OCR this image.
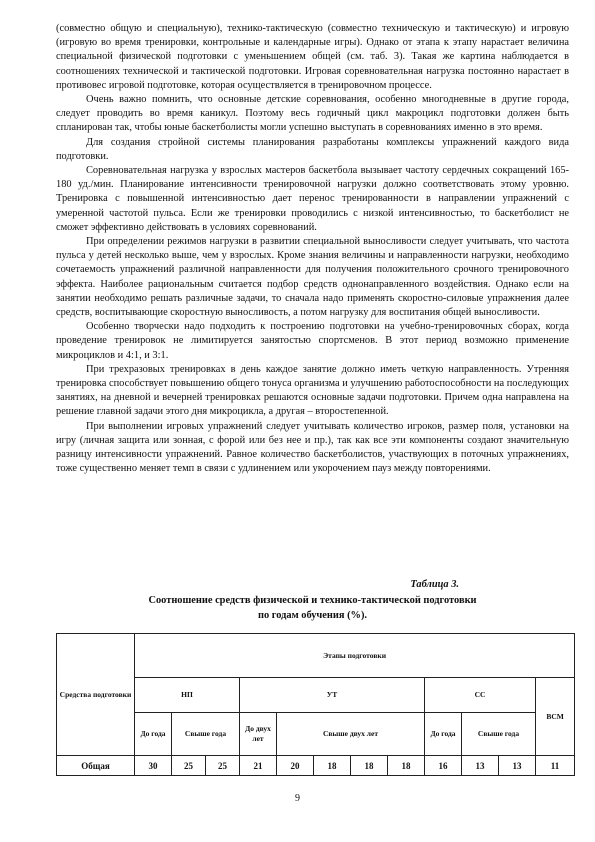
(совместно общую и специальную), технико-тактическую (совместно техническую и тактическую) и игровую (игровую во время тренировки, контрольные и календарные игры). Однако от этапа к этапу нарастает величина специальной физической подготовки с уменьшением общей (см. таб. 3). Такая же картина наблюдается в соотношениях технической и тактической подготовки. Игровая соревновательная нагрузка постоянно нарастает в противовес игровой подготовке, которая осуществляется в тренировочном процессе.

Очень важно помнить, что основные детские соревнования, особенно многодневные в другие города, следует проводить во время каникул. Поэтому весь годичный цикл макроцикл подготовки должен быть спланирован так, чтобы юные баскетболисты могли успешно выступать в соревнованиях именно в это время.

Для создания стройной системы планирования разработаны комплексы упражнений каждого вида подготовки.

Соревновательная нагрузка у взрослых мастеров баскетбола вызывает частоту сердечных сокращений 165-180 уд./мин. Планирование интенсивности тренировочной нагрузки должно соответствовать этому уровню. Тренировка с повышенной интенсивностью дает перенос тренированности в направлении упражнений с умеренной частотой пульса. Если же тренировки проводились с низкой интенсивностью, то баскетболист не сможет эффективно действовать в условиях соревнований.

При определении режимов нагрузки в развитии специальной выносливости следует учитывать, что частота пульса у детей несколько выше, чем у взрослых. Кроме знания величины и направленности нагрузки, необходимо сочетаемость упражнений различной направленности для получения положительного срочного тренировочного эффекта. Наиболее рациональным считается подбор средств однонаправленного воздействия. Однако если на занятии необходимо решать различные задачи, то сначала надо применять скоростно-силовые упражнения далее средств, воспитывающие скоростную выносливость, а потом нагрузку для воспитания общей выносливости.

Особенно творчески надо подходить к построению подготовки на учебно-тренировочных сборах, когда проведение тренировок не лимитируется занятостью спортсменов. В этот период возможно применение микроциклов и 4:1, и 3:1.

При трехразовых тренировках в день каждое занятие должно иметь четкую направленность. Утренняя тренировка способствует повышению общего тонуса организма и улучшению работоспособности на последующих занятиях, на дневной и вечерней тренировках решаются основные задачи подготовки. Причем одна направлена на решение главной задачи этого дня микроцикла, а другая – второстепенной.

При выполнении игровых упражнений следует учитывать количество игроков, размер поля, установки на игру (личная защита или зонная, с форой или без нее и пр.), так как все эти компоненты создают значительную разницу интенсивности упражнений. Равное количество баскетболистов, участвующих в поточных упражнениях, тоже существенно меняет темп в связи с удлинением или укорочением пауз между повторениями.

Таблица 3.
Соотношение средств физической и технико-тактической подготовки
по годам обучения (%).
Средства подготовки	Этапы подготовки											
	НП			УТ					СС			ВСМ
	До года	Свыше года		До двух лет	Свыше двух лет				До года	Свыше года		
Общая	30	25	25	21	20	18	18	18	16	13	13	11
9
